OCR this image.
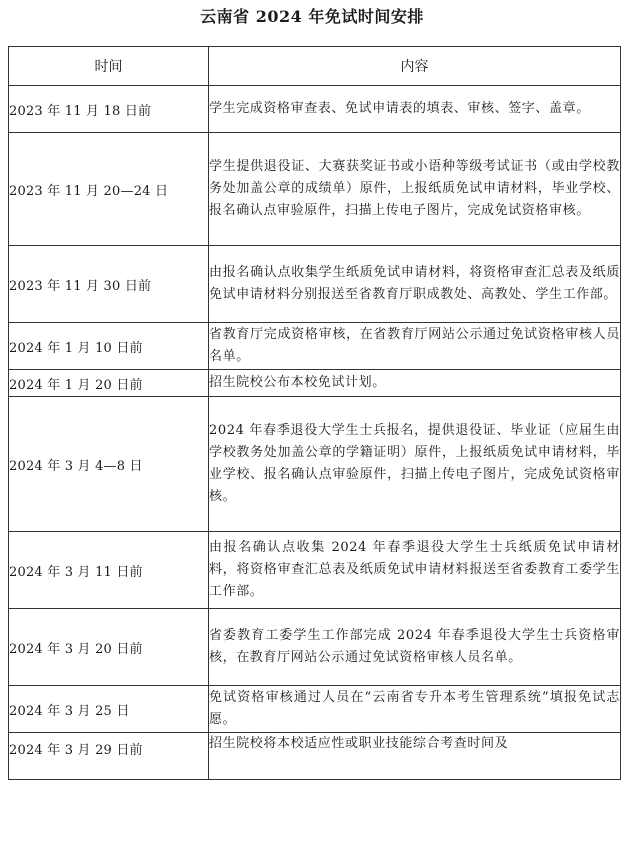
云南省 2024 年免试时间安排
时间	内容
2023 年 11 月 18 日前	学生完成资格审查表、免试申请表的填表、审核、签字、盖章。
2023 年 11 月 20—24 日	学生提供退役证、大赛获奖证书或小语种等级考试证书（或由学校教务处加盖公章的成绩单）原件，上报纸质免试申请材料，毕业学校、报名确认点审验原件，扫描上传电子图片，完成免试资格审核。
2023 年 11 月 30 日前	由报名确认点收集学生纸质免试申请材料，将资格审查汇总表及纸质免试申请材料分别报送至省教育厅职成教处、高教处、学生工作部。
2024 年 1 月 10 日前	省教育厅完成资格审核，在省教育厅网站公示通过免试资格审核人员名单。
2024 年 1 月 20 日前	招生院校公布本校免试计划。
2024 年 3 月 4—8 日	2024 年春季退役大学生士兵报名，提供退役证、毕业证（应届生由学校教务处加盖公章的学籍证明）原件，上报纸质免试申请材料，毕业学校、报名确认点审验原件，扫描上传电子图片，完成免试资格审核。
2024 年 3 月 11 日前	由报名确认点收集 2024 年春季退役大学生士兵纸质免试申请材料，将资格审查汇总表及纸质免试申请材料报送至省委教育工委学生工作部。
2024 年 3 月 20 日前	省委教育工委学生工作部完成 2024 年春季退役大学生士兵资格审核，在教育厅网站公示通过免试资格审核人员名单。
2024 年 3 月 25 日	免试资格审核通过人员在“云南省专升本考生管理系统”填报免试志愿。
2024 年 3 月 29 日前	招生院校将本校适应性或职业技能综合考查时间及
